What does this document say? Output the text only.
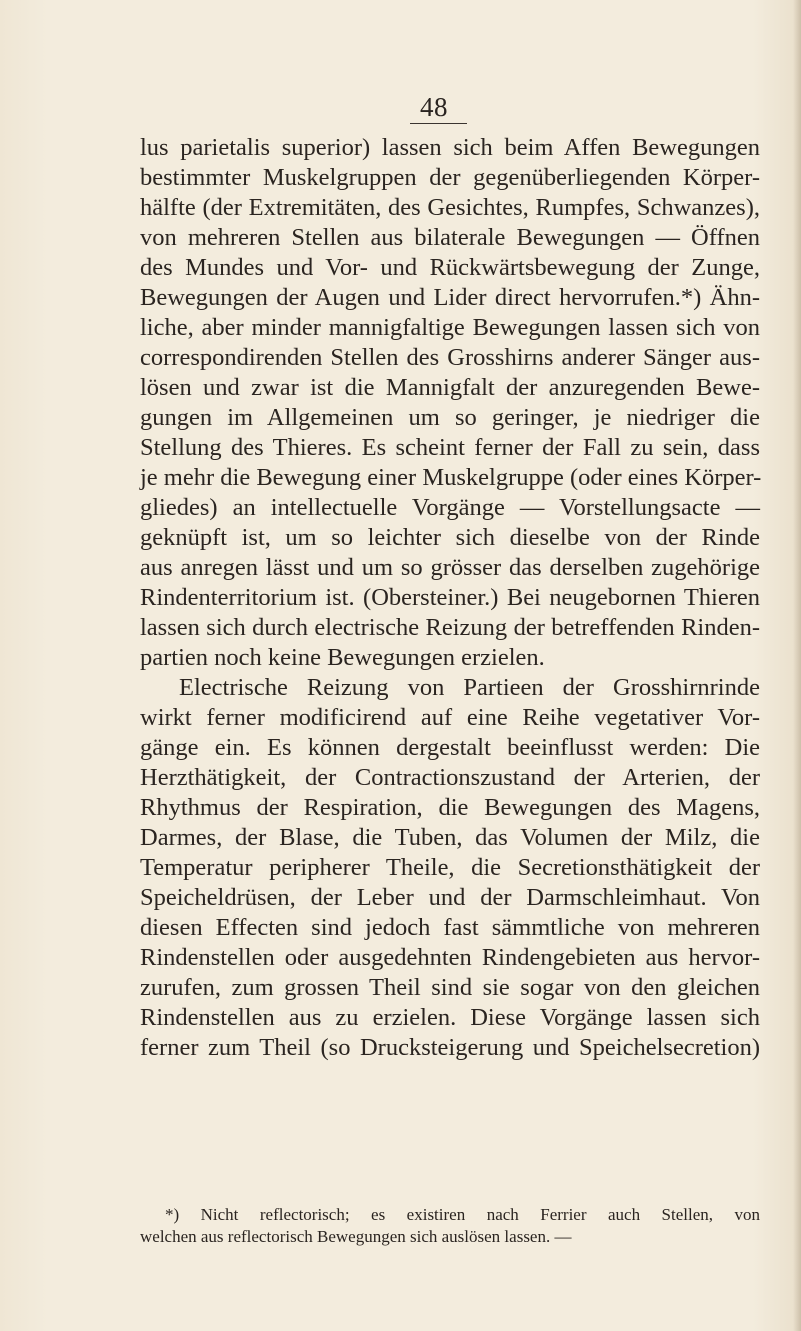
48
lus parietalis superior) lassen sich beim Affen Bewegungen
bestimmter Muskelgruppen der gegenüberliegenden Körper-
hälfte (der Extremitäten, des Gesichtes, Rumpfes, Schwanzes),
von mehreren Stellen aus bilaterale Bewegungen — Öffnen
des Mundes und Vor- und Rückwärtsbewegung der Zunge,
Bewegungen der Augen und Lider direct hervorrufen.*) Ähn-
liche, aber minder mannigfaltige Bewegungen lassen sich von
correspondirenden Stellen des Grosshirns anderer Sänger aus-
lösen und zwar ist die Mannigfalt der anzuregenden Bewe-
gungen im Allgemeinen um so geringer, je niedriger die
Stellung des Thieres. Es scheint ferner der Fall zu sein, dass
je mehr die Bewegung einer Muskelgruppe (oder eines Körper-
gliedes) an intellectuelle Vorgänge — Vorstellungsacte —
geknüpft ist, um so leichter sich dieselbe von der Rinde
aus anregen lässt und um so grösser das derselben zugehörige
Rindenterritorium ist. (Obersteiner.) Bei neugebornen Thieren
lassen sich durch electrische Reizung der betreffenden Rinden-
partien noch keine Bewegungen erzielen.
Electrische Reizung von Partieen der Grosshirnrinde
wirkt ferner modificirend auf eine Reihe vegetativer Vor-
gänge ein. Es können dergestalt beeinflusst werden: Die
Herzthätigkeit, der Contractionszustand der Arterien, der
Rhythmus der Respiration, die Bewegungen des Magens,
Darmes, der Blase, die Tuben, das Volumen der Milz, die
Temperatur peripherer Theile, die Secretionsthätigkeit der
Speicheldrüsen, der Leber und der Darmschleimhaut. Von
diesen Effecten sind jedoch fast sämmtliche von mehreren
Rindenstellen oder ausgedehnten Rindengebieten aus hervor-
zurufen, zum grossen Theil sind sie sogar von den gleichen
Rindenstellen aus zu erzielen. Diese Vorgänge lassen sich
ferner zum Theil (so Drucksteigerung und Speichelsecretion)
*) Nicht reflectorisch; es existiren nach Ferrier auch Stellen, von
welchen aus reflectorisch Bewegungen sich auslösen lassen. —
